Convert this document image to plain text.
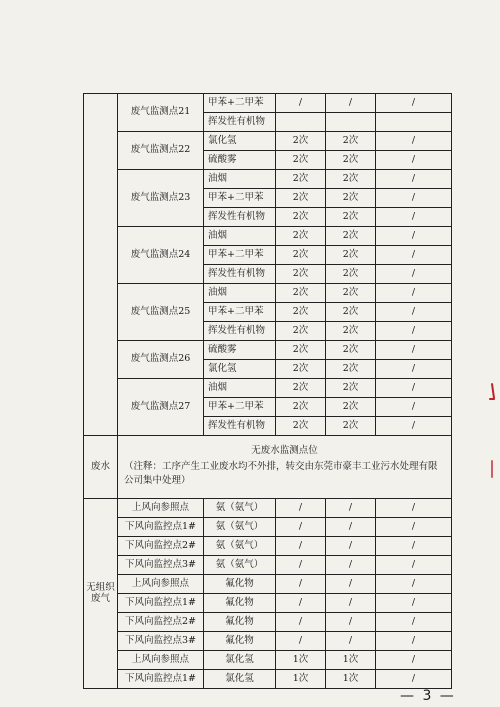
	废气监测点21	甲苯+二甲苯	/	/	/
		挥发性有机物			
	废气监测点22	氯化氢	2次	2次	/
		硫酸雾	2次	2次	/
	废气监测点23	油烟	2次	2次	/
		甲苯+二甲苯	2次	2次	/
		挥发性有机物	2次	2次	/
	废气监测点24	油烟	2次	2次	/
		甲苯+二甲苯	2次	2次	/
		挥发性有机物	2次	2次	/
	废气监测点25	油烟	2次	2次	/
		甲苯+二甲苯	2次	2次	/
		挥发性有机物	2次	2次	/
	废气监测点26	硫酸雾	2次	2次	/
		氯化氢	2次	2次	/
	废气监测点27	油烟	2次	2次	/
		甲苯+二甲苯	2次	2次	/
		挥发性有机物	2次	2次	/
废水	无废水监测点位
（注释：工序产生工业废水均不外排，转交由东莞市豪丰工业污水处理有限公司集中处理）				

无组织废气	上风向参照点	氨（氨气）	/	/	/
	下风向监控点1#	氨（氨气）	/	/	/
	下风向监控点2#	氨（氨气）	/	/	/
	下风向监控点3#	氨（氨气）	/	/	/
	上风向参照点	氟化物	/	/	/
	下风向监控点1#	氟化物	/	/	/
	下风向监控点2#	氟化物	/	/	/
	下风向监控点3#	氟化物	/	/	/
	上风向参照点	氯化氢	1次	1次	/
	下风向监控点1#	氯化氢	1次	1次	/
— 3 —
